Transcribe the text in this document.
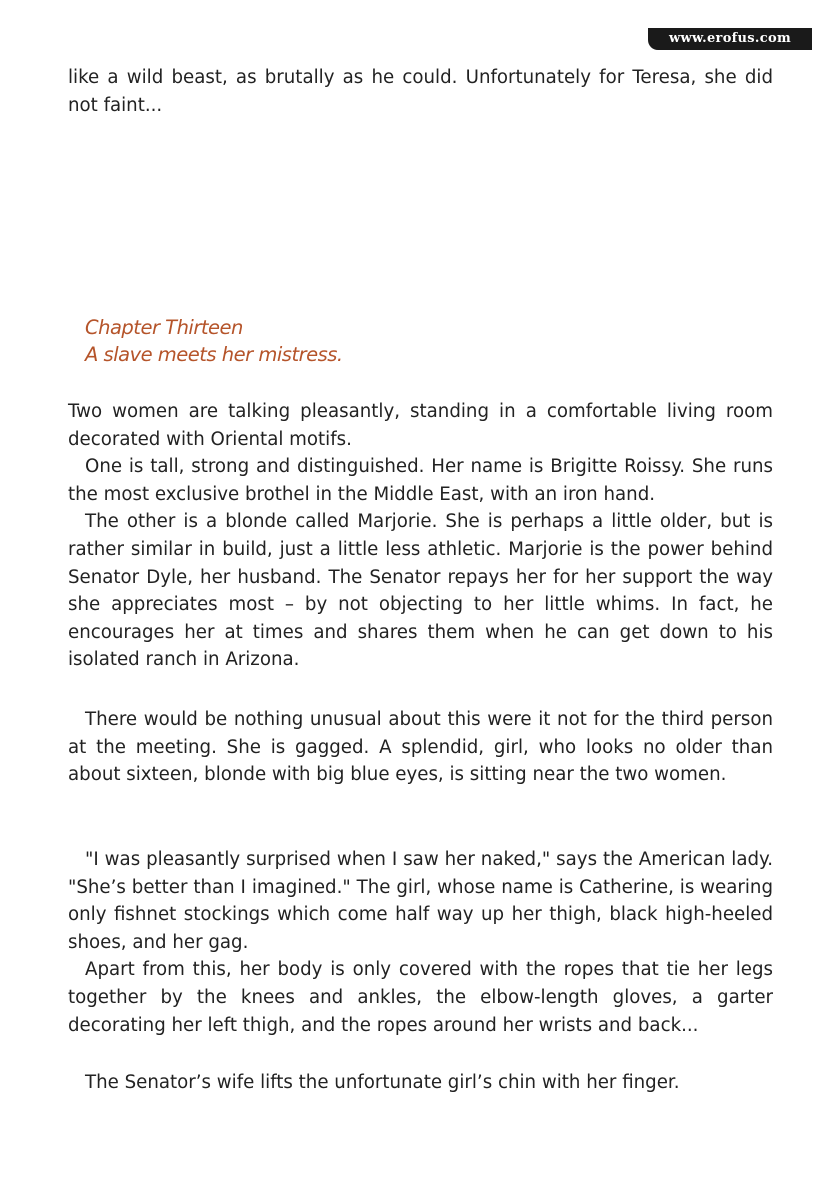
www.erofus.com

like a wild beast, as brutally as he could. Unfortunately for Teresa, she did not faint...

Chapter Thirteen
A slave meets her mistress.

Two women are talking pleasantly, standing in a comfortable living room decorated with Oriental motifs.

One is tall, strong and distinguished. Her name is Brigitte Roissy. She runs the most exclusive brothel in the Middle East, with an iron hand.

The other is a blonde called Marjorie. She is perhaps a little older, but is rather similar in build, just a little less athletic. Marjorie is the power behind Senator Dyle, her husband. The Senator repays her for her support the way she appreciates most – by not objecting to her little whims. In fact, he encourages her at times and shares them when he can get down to his isolated ranch in Arizona.

There would be nothing unusual about this were it not for the third person at the meeting. She is gagged. A splendid, girl, who looks no older than about sixteen, blonde with big blue eyes, is sitting near the two women.

"I was pleasantly surprised when I saw her naked," says the American lady. "She’s better than I imagined." The girl, whose name is Catherine, is wearing only fishnet stockings which come half way up her thigh, black high-heeled shoes, and her gag.

Apart from this, her body is only covered with the ropes that tie her legs together by the knees and ankles, the elbow-length gloves, a garter decorating her left thigh, and the ropes around her wrists and back...

The Senator’s wife lifts the unfortunate girl’s chin with her finger.
